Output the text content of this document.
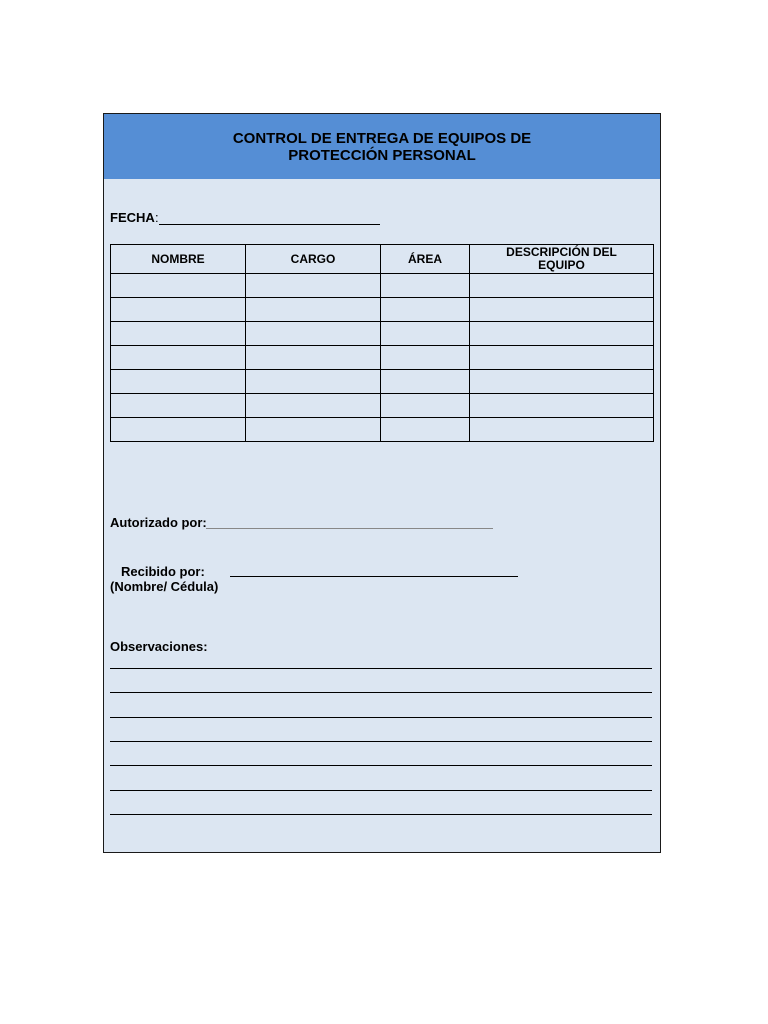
CONTROL DE ENTREGA DE EQUIPOS DE
PROTECCIÓN PERSONAL
FECHA :
NOMBRE	CARGO	ÁREA	DESCRIPCIÓN DEL
EQUIPO

Autorizado por:
Recibido por:
(Nombre/ Cédula)
Observaciones:
